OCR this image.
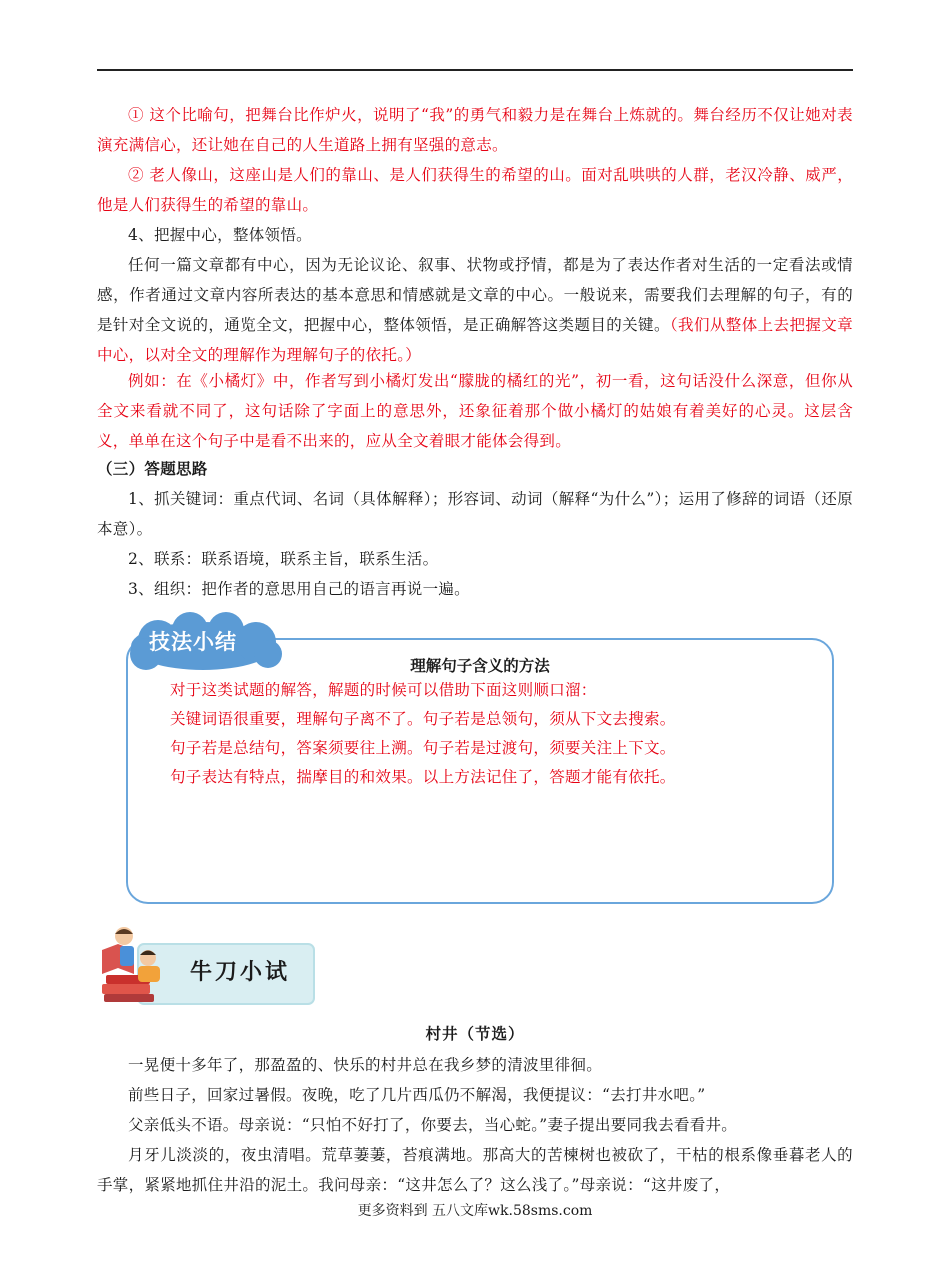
① 这个比喻句，把舞台比作炉火，说明了“我”的勇气和毅力是在舞台上炼就的。舞台经历不仅让她对表演充满信心，还让她在自己的人生道路上拥有坚强的意志。

② 老人像山，这座山是人们的靠山、是人们获得生的希望的山。面对乱哄哄的人群，老汉冷静、威严，他是人们获得生的希望的靠山。

4、把握中心，整体领悟。

任何一篇文章都有中心，因为无论议论、叙事、状物或抒情，都是为了表达作者对生活的一定看法或情感，作者通过文章内容所表达的基本意思和情感就是文章的中心。一般说来，需要我们去理解的句子，有的是针对全文说的，通览全文，把握中心，整体领悟，是正确解答这类题目的关键。（我们从整体上去把握文章中心，以对全文的理解作为理解句子的依托。）

例如：在《小橘灯》中，作者写到小橘灯发出“朦胧的橘红的光”，初一看，这句话没什么深意，但你从全文来看就不同了，这句话除了字面上的意思外，还象征着那个做小橘灯的姑娘有着美好的心灵。这层含义，单单在这个句子中是看不出来的，应从全文着眼才能体会得到。

（三）答题思路

1、抓关键词：重点代词、名词（具体解释）；形容词、动词（解释“为什么”）；运用了修辞的词语（还原本意）。

2、联系：联系语境，联系主旨，联系生活。

3、组织：把作者的意思用自己的语言再说一遍。

理解句子含义的方法
对于这类试题的解答，解题的时候可以借助下面这则顺口溜：
关键词语很重要，理解句子离不了。句子若是总领句，须从下文去搜索。
句子若是总结句，答案须要往上溯。句子若是过渡句，须要关注上下文。
句子表达有特点，揣摩目的和效果。以上方法记住了，答题才能有依托。
技法小结
牛刀小试
村井（节选）

一晃便十多年了，那盈盈的、快乐的村井总在我乡梦的清波里徘徊。

前些日子，回家过暑假。夜晚，吃了几片西瓜仍不解渴，我便提议：“去打井水吧。”

父亲低头不语。母亲说：“只怕不好打了，你要去，当心蛇。”妻子提出要同我去看看井。

月牙儿淡淡的，夜虫清唱。荒草萋萋，苔痕满地。那高大的苦楝树也被砍了，干枯的根系像垂暮老人的手掌，紧紧地抓住井沿的泥土。我问母亲：“这井怎么了？这么浅了。”母亲说：“这井废了，

更多资料到 五八文库wk.58sms.com
